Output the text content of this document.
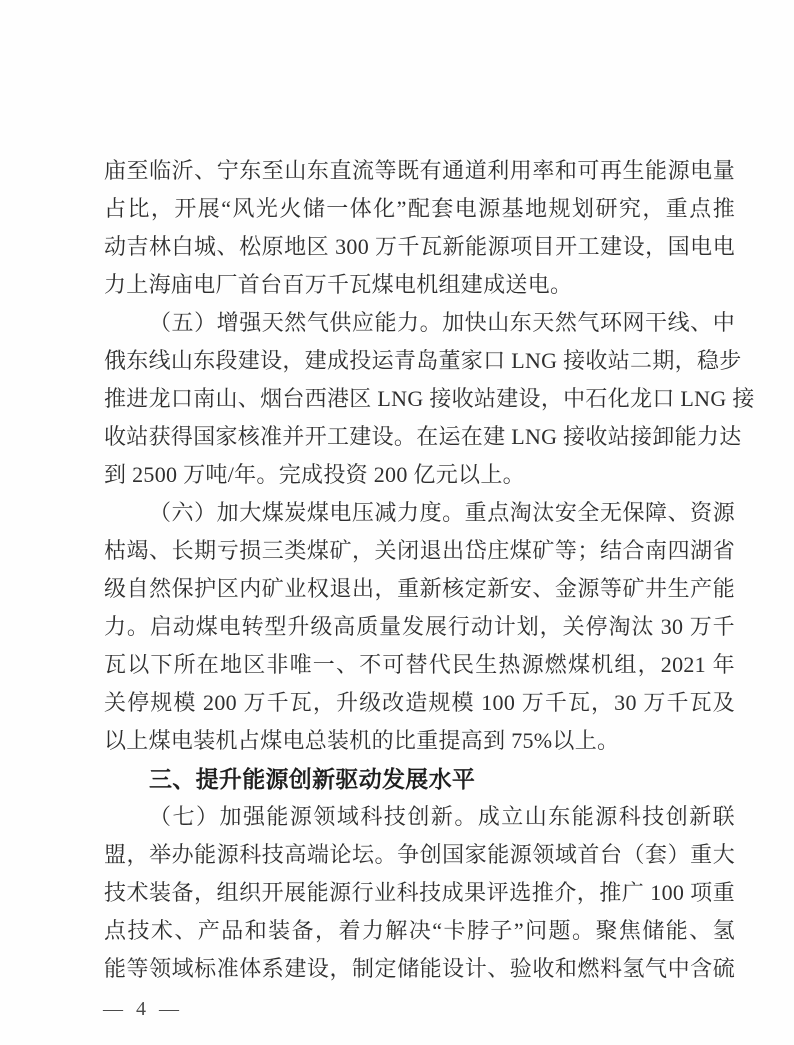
庙至临沂、宁东至山东直流等既有通道利用率和可再生能源电量
占比，开展“风光火储一体化”配套电源基地规划研究，重点推
动吉林白城、松原地区 300 万千瓦新能源项目开工建设，国电电
力上海庙电厂首台百万千瓦煤电机组建成送电。
（五）增强天然气供应能力。加快山东天然气环网干线、中
俄东线山东段建设，建成投运青岛董家口 LNG 接收站二期，稳步
推进龙口南山、烟台西港区 LNG 接收站建设，中石化龙口 LNG 接
收站获得国家核准并开工建设。在运在建 LNG 接收站接卸能力达
到 2500 万吨/年。完成投资 200 亿元以上。
（六）加大煤炭煤电压减力度。重点淘汰安全无保障、资源
枯竭、长期亏损三类煤矿，关闭退出岱庄煤矿等；结合南四湖省
级自然保护区内矿业权退出，重新核定新安、金源等矿井生产能
力。启动煤电转型升级高质量发展行动计划，关停淘汰 30 万千
瓦以下所在地区非唯一、不可替代民生热源燃煤机组，2021 年
关停规模 200 万千瓦，升级改造规模 100 万千瓦，30 万千瓦及
以上煤电装机占煤电总装机的比重提高到 75%以上。
三、提升能源创新驱动发展水平
（七）加强能源领域科技创新。成立山东能源科技创新联
盟，举办能源科技高端论坛。争创国家能源领域首台（套）重大
技术装备，组织开展能源行业科技成果评选推介，推广 100 项重
点技术、产品和装备，着力解决“卡脖子”问题。聚焦储能、氢
能等领域标准体系建设，制定储能设计、验收和燃料氢气中含硫
— 4 —
